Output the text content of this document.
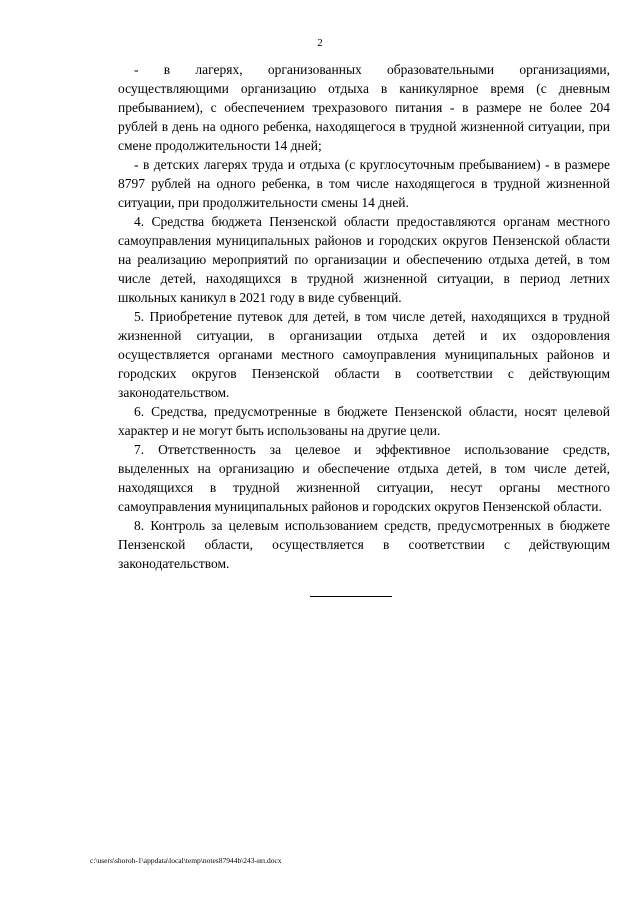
2

- в лагерях, организованных образовательными организациями, осуществляющими организацию отдыха в каникулярное время (с дневным пребыванием), с обеспечением трехразового питания - в размере не более 204 рублей в день на одного ребенка, находящегося в трудной жизненной ситуации, при смене продолжительности 14 дней;

- в детских лагерях труда и отдыха (с круглосуточным пребыванием) - в размере 8797 рублей на одного ребенка, в том числе находящегося в трудной жизненной ситуации, при продолжительности смены 14 дней.

4. Средства бюджета Пензенской области предоставляются органам местного самоуправления муниципальных районов и городских округов Пензенской области на реализацию мероприятий по организации и обеспечению отдыха детей, в том числе детей, находящихся в трудной жизненной ситуации, в период летних школьных каникул в 2021 году в виде субвенций.

5. Приобретение путевок для детей, в том числе детей, находящихся в трудной жизненной ситуации, в организации отдыха детей и их оздоровления осуществляется органами местного самоуправления муниципальных районов и городских округов Пензенской области в соответствии с действующим законодательством.

6. Средства, предусмотренные в бюджете Пензенской области, носят целевой характер и не могут быть использованы на другие цели.

7. Ответственность за целевое и эффективное использование средств, выделенных на организацию и обеспечение отдыха детей, в том числе детей, находящихся в трудной жизненной ситуации, несут органы местного самоуправления муниципальных районов и городских округов Пензенской области.

8. Контроль за целевым использованием средств, предусмотренных в бюджете Пензенской области, осуществляется в соответствии с действующим законодательством.

c:\users\shoroh-1\appdata\local\temp\notes87944b\243-ип.docx
